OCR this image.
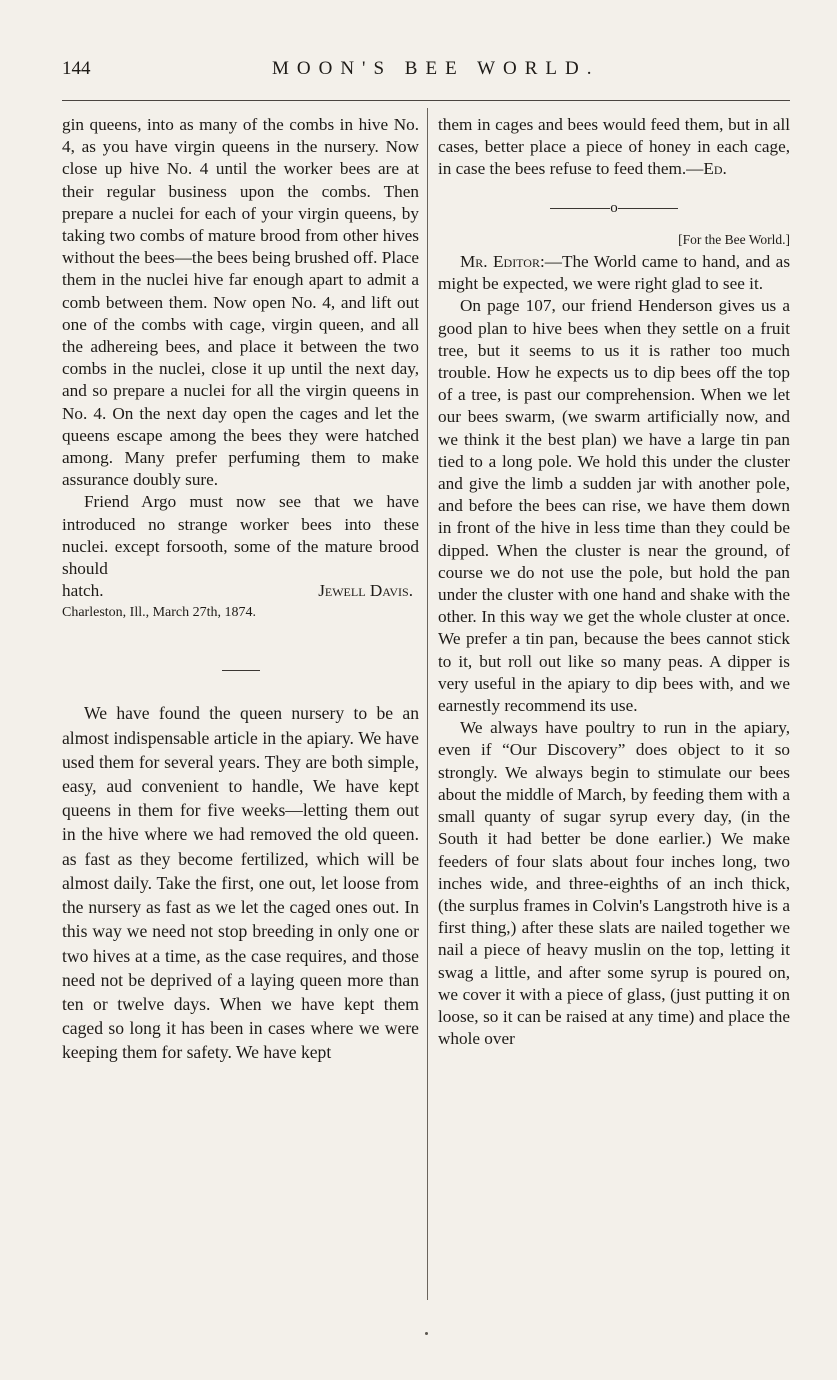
144	MOON'S BEE WORLD.

gin queens, into as many of the combs in hive No. 4, as you have virgin queens in the nursery. Now close up hive No. 4 until the worker bees are at their regular business upon the combs. Then prepare a nuclei for each of your virgin queens, by taking two combs of mature brood from other hives without the bees—the bees being brushed off. Place them in the nuclei hive far enough apart to admit a comb between them. Now open No. 4, and lift out one of the combs with cage, virgin queen, and all the adhereing bees, and place it between the two combs in the nuclei, close it up until the next day, and so prepare a nuclei for all the virgin queens in No. 4. On the next day open the cages and let the queens escape among the bees they were hatched among. Many prefer perfuming them to make assurance doubly sure.

Friend Argo must now see that we have introduced no strange worker bees into these nuclei. except forsooth, some of the mature brood should

hatch.	Jewell Davis.

Charleston, Ill., March 27th, 1874.

We have found the queen nursery to be an almost indispensable article in the apiary. We have used them for several years. They are both simple, easy, aud convenient to handle, We have kept queens in them for five weeks—letting them out in the hive where we had removed the old queen. as fast as they become fertilized, which will be almost daily. Take the first, one out, let loose from the nursery as fast as we let the caged ones out. In this way we need not stop breeding in only one or two hives at a time, as the case requires, and those need not be deprived of a laying queen more than ten or twelve days. When we have kept them caged so long it has been in cases where we were keeping them for safety. We have kept

them in cages and bees would feed them, but in all cases, better place a piece of honey in each cage, in case the bees refuse to feed them.—Ed.

o

[For the Bee World.]

Mr. Editor:—The World came to hand, and as might be expected, we were right glad to see it.

On page 107, our friend Henderson gives us a good plan to hive bees when they settle on a fruit tree, but it seems to us it is rather too much trouble. How he expects us to dip bees off the top of a tree, is past our comprehension. When we let our bees swarm, (we swarm artificially now, and we think it the best plan) we have a large tin pan tied to a long pole. We hold this under the cluster and give the limb a sudden jar with another pole, and before the bees can rise, we have them down in front of the hive in less time than they could be dipped. When the cluster is near the ground, of course we do not use the pole, but hold the pan under the cluster with one hand and shake with the other. In this way we get the whole cluster at once. We prefer a tin pan, because the bees cannot stick to it, but roll out like so many peas. A dipper is very useful in the apiary to dip bees with, and we earnestly recommend its use.

We always have poultry to run in the apiary, even if “Our Discovery” does object to it so strongly. We always begin to stimulate our bees about the middle of March, by feeding them with a small quanty of sugar syrup every day, (in the South it had better be done earlier.) We make feeders of four slats about four inches long, two inches wide, and three-eighths of an inch thick, (the surplus frames in Colvin's Langstroth hive is a first thing,) after these slats are nailed together we nail a piece of heavy muslin on the top, letting it swag a little, and after some syrup is poured on, we cover it with a piece of glass, (just putting it on loose, so it can be raised at any time) and place the whole over
